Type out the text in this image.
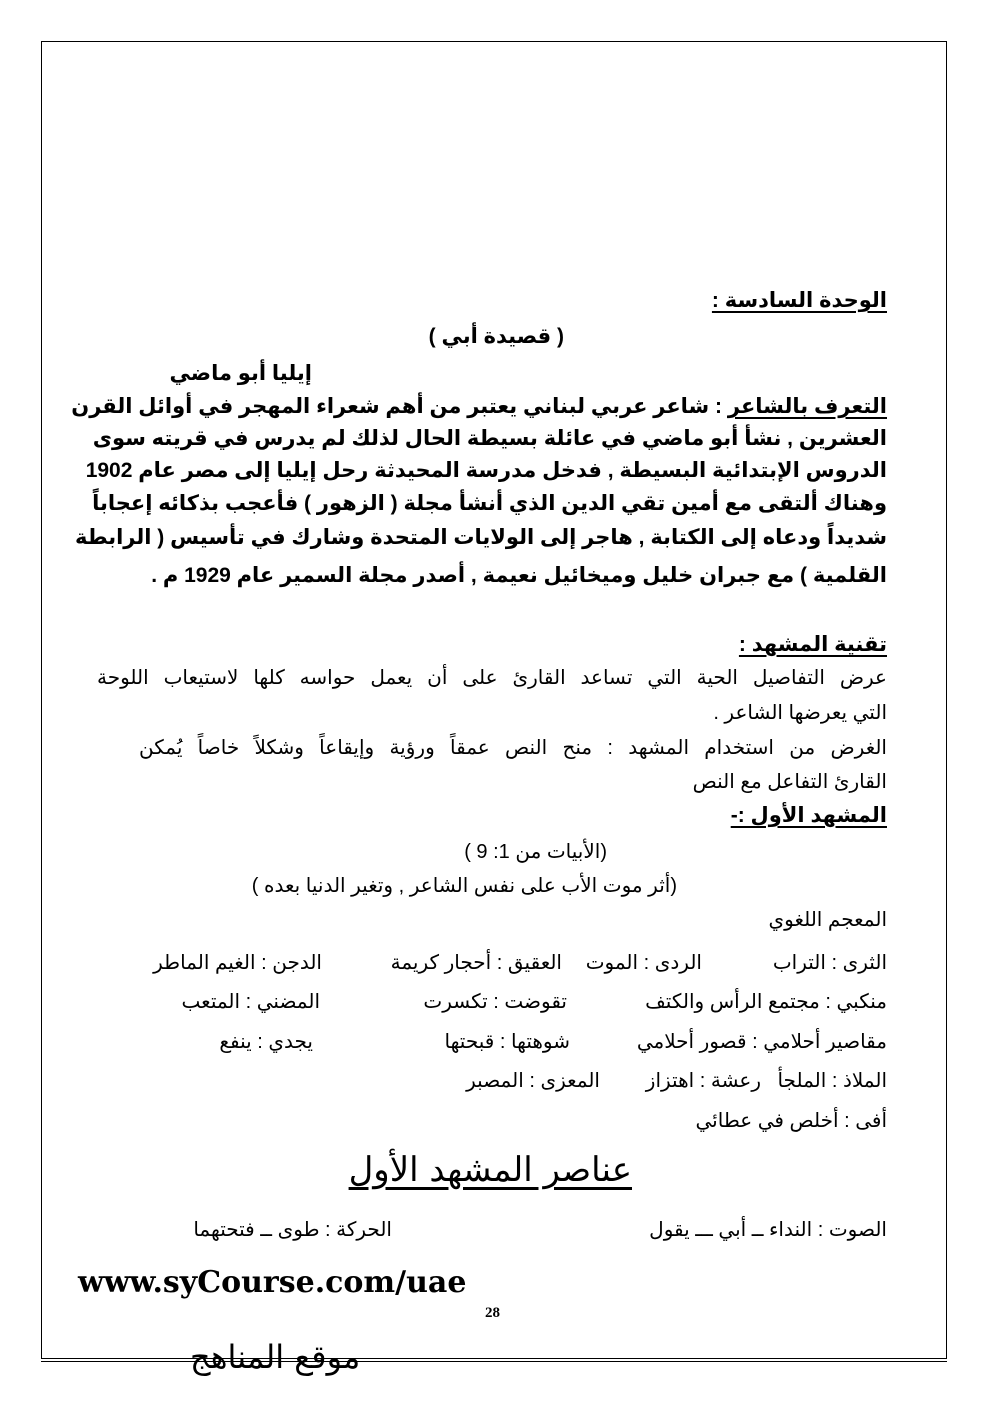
الوحدة السادسة :
( قصيدة أبي )
إيليا أبو ماضي
التعرف بالشاعر : شاعر عربي لبناني يعتبر من أهم شعراء المهجر في أوائل القرن
العشرين , نشأ أبو ماضي في عائلة بسيطة الحال لذلك لم يدرس في قريته سوى
الدروس الإبتدائية البسيطة , فدخل مدرسة المحيدثة رحل إيليا إلى مصر عام 1902
وهناك ألتقى مع أمين تقي الدين الذي أنشأ مجلة ( الزهور ) فأعجب بذكائه إعجاباً
شديداً ودعاه إلى الكتابة , هاجر إلى الولايات المتحدة وشارك في تأسيس ( الرابطة
القلمية ) مع جبران خليل وميخائيل نعيمة , أصدر مجلة السمير عام 1929 م .
تقنية المشهد :
عرض التفاصيل الحية التي تساعد القارئ على أن يعمل حواسه كلها لاستيعاب اللوحة
التي يعرضها الشاعر .
الغرض من استخدام المشهد : منح النص عمقاً ورؤية وإيقاعاً وشكلاً خاصاً يُمكن
القارئ التفاعل مع النص
المشهد الأول :-
(الأبيات من 1: 9 )
(أثر موت الأب على نفس الشاعر , وتغير الدنيا بعده )
المعجم اللغوي
الثرى : التراب
الردى : الموت
العقيق : أحجار كريمة
الدجن : الغيم الماطر
منكبي : مجتمع الرأس والكتف
تقوضت : تكسرت
المضني : المتعب
مقاصير أحلامي : قصور أحلامي
شوهتها : قبحتها
يجدي : ينفع
الملاذ : الملجأ
رعشة : اهتزاز
المعزى : المصبر
أفى : أخلص في عطائي
عناصر المشهد الأول
الصوت : النداء ــ أبي ـــ يقول
الحركة : طوى ــ فتحتهما
www.syCourse.com/uae
28
موقع المناهج
